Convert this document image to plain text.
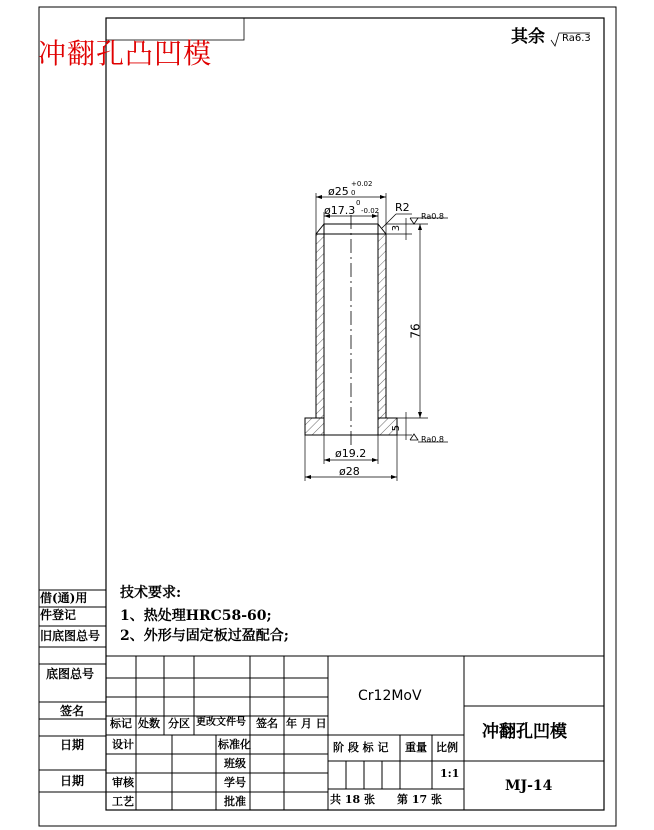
冲翻孔凸凹模	其余 Ra6.3
ø25
+0.02
0
ø17.3
0
-0.02 R2
Ra0.8
3
76
5
Ra0.8
ø19.2
ø28
技术要求:
1、热处理HRC58-60;
2、外形与固定板过盈配合;
借(通)用
件登记
旧底图总号
底图总号
签名
日期
日期
Cr12MoV
冲翻孔凹模
MJ-14
1:1
共 18 张 第 17 张
标记 处数 分区 更改文件号 签名 年 月 日
设计	标准化
班级
审核	学号
工艺	批准
阶 段 标 记 重量 比例
